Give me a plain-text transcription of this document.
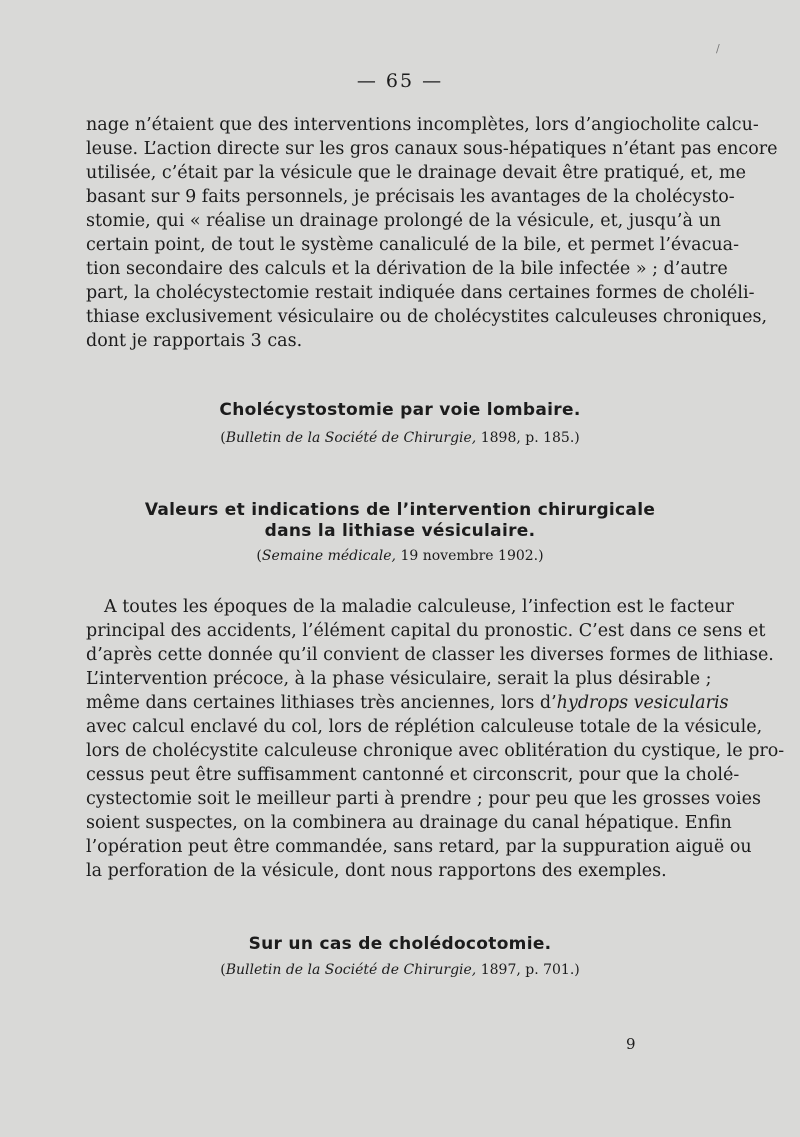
/
— 65 —

nage n’étaient que des interventions incomplètes, lors d’angiocholite calcu-

leuse. L’action directe sur les gros canaux sous-hépatiques n’étant pas encore

utilisée, c’était par la vésicule que le drainage devait être pratiqué, et, me

basant sur 9 faits personnels, je précisais les avantages de la cholécysto-

stomie, qui « réalise un drainage prolongé de la vésicule, et, jusqu’à un

certain point, de tout le système canaliculé de la bile, et permet l’évacua-

tion secondaire des calculs et la dérivation de la bile infectée » ; d’autre

part, la cholécystectomie restait indiquée dans certaines formes de choléli-

thiase exclusivement vésiculaire ou de cholécystites calculeuses chroniques,

dont je rapportais 3 cas.

Cholécystostomie par voie lombaire.
(Bulletin de la Société de Chirurgie, 1898, p. 185.)
Valeurs et indications de l’intervention chirurgicale
dans la lithiase vésiculaire.
(Semaine médicale, 19 novembre 1902.)

A toutes les époques de la maladie calculeuse, l’infection est le facteur

principal des accidents, l’élément capital du pronostic. C’est dans ce sens et

d’après cette donnée qu’il convient de classer les diverses formes de lithiase.

L’intervention précoce, à la phase vésiculaire, serait la plus désirable ;

même dans certaines lithiases très anciennes, lors d’hydrops vesicularis

avec calcul enclavé du col, lors de réplétion calculeuse totale de la vésicule,

lors de cholécystite calculeuse chronique avec oblitération du cystique, le pro-

cessus peut être suffisamment cantonné et circonscrit, pour que la cholé-

cystectomie soit le meilleur parti à prendre ; pour peu que les grosses voies

soient suspectes, on la combinera au drainage du canal hépatique. Enfin

l’opération peut être commandée, sans retard, par la suppuration aiguë ou

la perforation de la vésicule, dont nous rapportons des exemples.

Sur un cas de cholédocotomie.
(Bulletin de la Société de Chirurgie, 1897, p. 701.)
9
